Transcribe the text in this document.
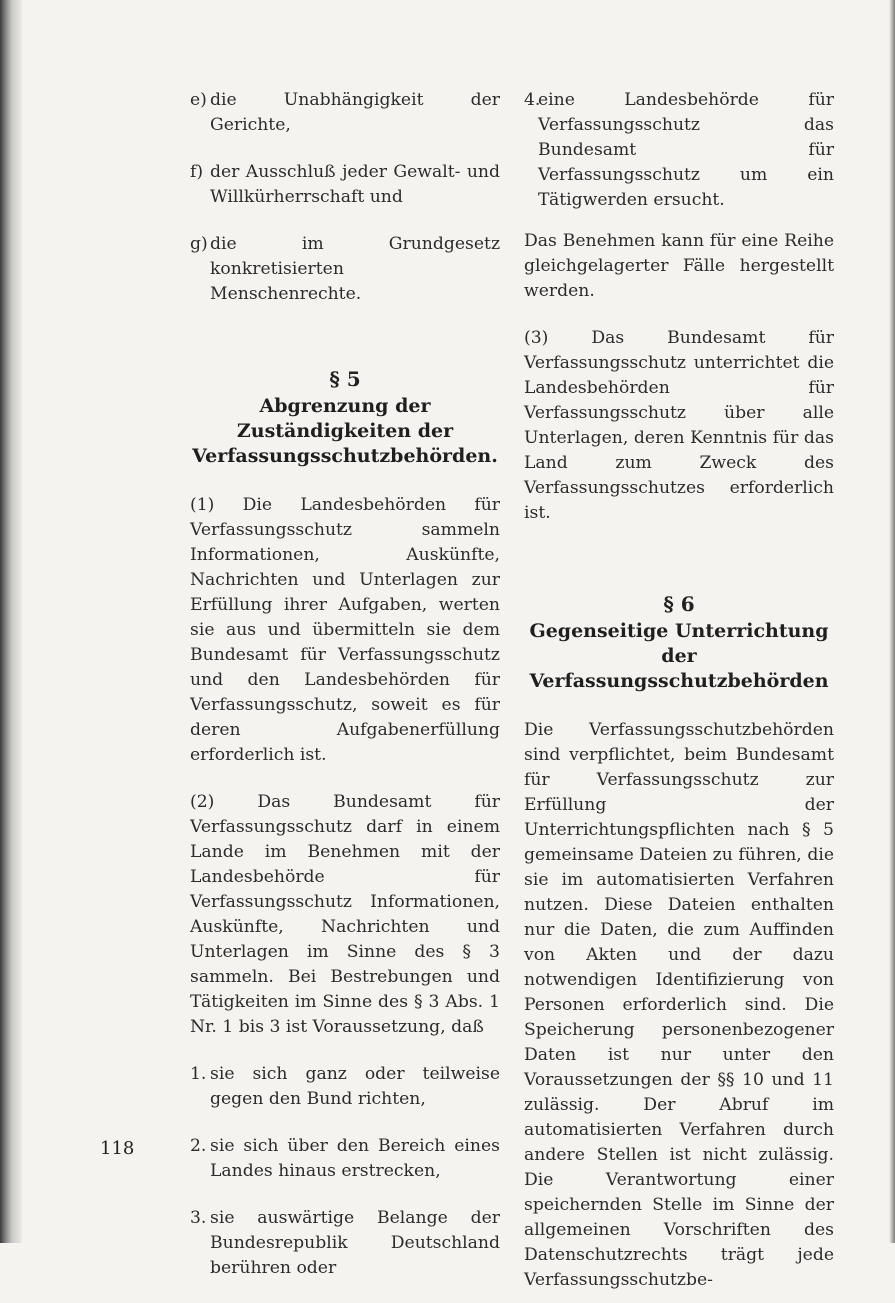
e) die Unabhängigkeit der Gerichte,
f) der Ausschluß jeder Gewalt- und Willkürherrschaft und
g) die im Grundgesetz konkretisierten Menschenrechte.
§ 5
Abgrenzung der Zuständigkeiten der Verfassungsschutzbehörden.

(1) Die Landesbehörden für Verfassungsschutz sammeln Informationen, Auskünfte, Nachrichten und Unterlagen zur Erfüllung ihrer Aufgaben, werten sie aus und übermitteln sie dem Bundesamt für Verfassungsschutz und den Landesbehörden für Verfassungsschutz, soweit es für deren Aufgabenerfüllung erforderlich ist.

(2) Das Bundesamt für Verfassungsschutz darf in einem Lande im Benehmen mit der Landesbehörde für Verfassungsschutz Informationen, Auskünfte, Nachrichten und Unterlagen im Sinne des § 3 sammeln. Bei Bestrebungen und Tätigkeiten im Sinne des § 3 Abs. 1 Nr. 1 bis 3 ist Voraussetzung, daß

1. sie sich ganz oder teilweise gegen den Bund richten,
2. sie sich über den Bereich eines Landes hinaus erstrecken,
3. sie auswärtige Belange der Bundesrepublik Deutschland berühren oder
4.
eine Landesbehörde für Verfassungsschutz das Bundesamt für Verfassungsschutz um ein Tätigwerden ersucht.

Das Benehmen kann für eine Reihe gleichgelagerter Fälle hergestellt werden.

(3) Das Bundesamt für Verfassungsschutz unterrichtet die Landesbehörden für Verfassungsschutz über alle Unterlagen, deren Kenntnis für das Land zum Zweck des Verfassungsschutzes erforderlich ist.

§ 6
Gegenseitige Unterrichtung der Verfassungsschutzbehörden

Die Verfassungsschutzbehörden sind verpflichtet, beim Bundesamt für Verfassungsschutz zur Erfüllung der Unterrichtungspflichten nach § 5 gemeinsame Dateien zu führen, die sie im automatisierten Verfahren nutzen. Diese Dateien enthalten nur die Daten, die zum Auffinden von Akten und der dazu notwendigen Identifizierung von Personen erforderlich sind. Die Speicherung personenbezogener Daten ist nur unter den Voraussetzungen der §§ 10 und 11 zulässig. Der Abruf im automatisierten Verfahren durch andere Stellen ist nicht zulässig. Die Verantwortung einer speichernden Stelle im Sinne der allgemeinen Vorschriften des Datenschutzrechts trägt jede Verfassungsschutzbe-

118
